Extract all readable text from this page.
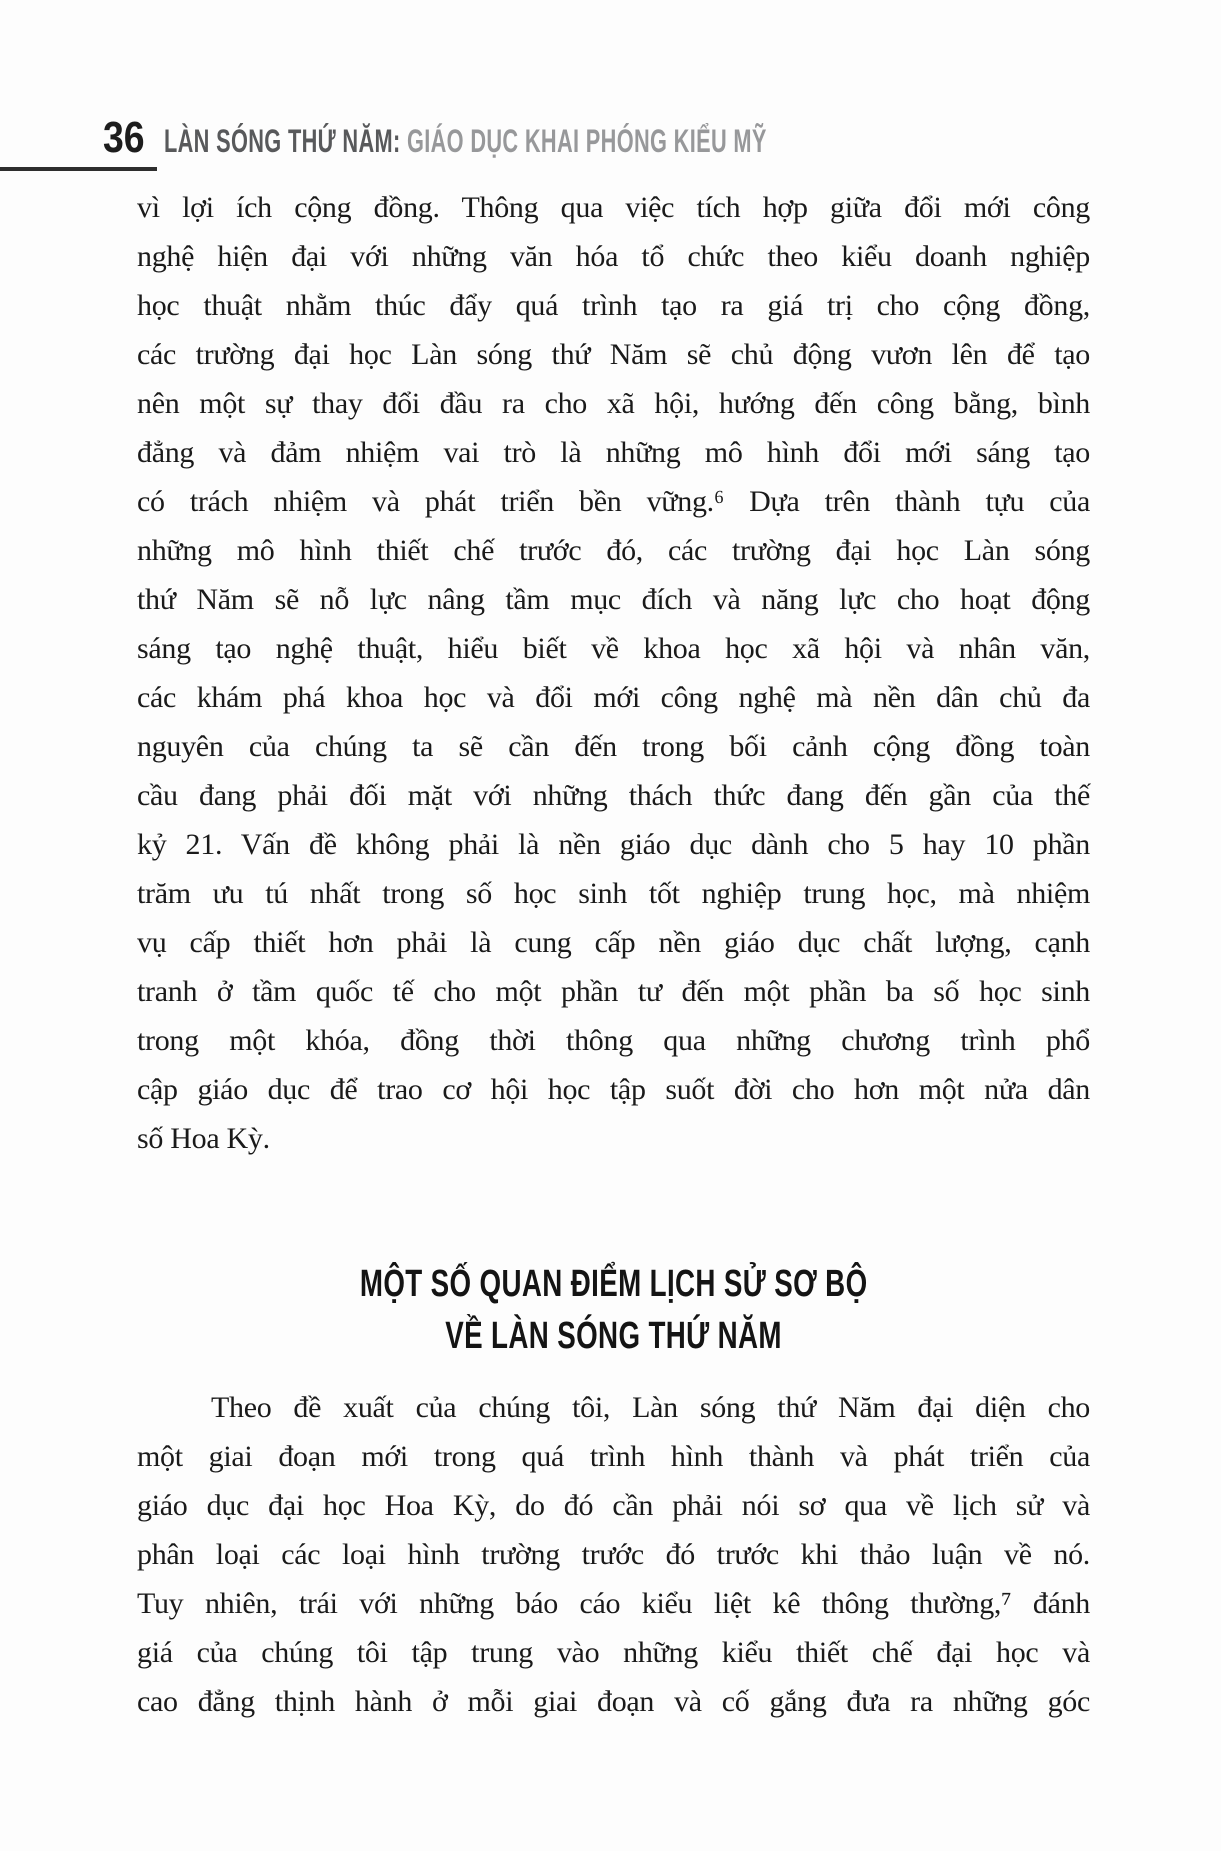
36 LÀN SÓNG THỨ NĂM: GIÁO DỤC KHAI PHÓNG KIỂU MỸ
vì lợi ích cộng đồng. Thông qua việc tích hợp giữa đổi mới công
nghệ hiện đại với những văn hóa tổ chức theo kiểu doanh nghiệp
học thuật nhằm thúc đẩy quá trình tạo ra giá trị cho cộng đồng,
các trường đại học Làn sóng thứ Năm sẽ chủ động vươn lên để tạo
nên một sự thay đổi đầu ra cho xã hội, hướng đến công bằng, bình
đẳng và đảm nhiệm vai trò là những mô hình đổi mới sáng tạo
có trách nhiệm và phát triển bền vững.⁶ Dựa trên thành tựu của
những mô hình thiết chế trước đó, các trường đại học Làn sóng
thứ Năm sẽ nỗ lực nâng tầm mục đích và năng lực cho hoạt động
sáng tạo nghệ thuật, hiểu biết về khoa học xã hội và nhân văn,
các khám phá khoa học và đổi mới công nghệ mà nền dân chủ đa
nguyên của chúng ta sẽ cần đến trong bối cảnh cộng đồng toàn
cầu đang phải đối mặt với những thách thức đang đến gần của thế
kỷ 21. Vấn đề không phải là nền giáo dục dành cho 5 hay 10 phần
trăm ưu tú nhất trong số học sinh tốt nghiệp trung học, mà nhiệm
vụ cấp thiết hơn phải là cung cấp nền giáo dục chất lượng, cạnh
tranh ở tầm quốc tế cho một phần tư đến một phần ba số học sinh
trong một khóa, đồng thời thông qua những chương trình phổ
cập giáo dục để trao cơ hội học tập suốt đời cho hơn một nửa dân
số Hoa Kỳ.
MỘT SỐ QUAN ĐIỂM LỊCH SỬ SƠ BỘ
VỀ LÀN SÓNG THỨ NĂM
Theo đề xuất của chúng tôi, Làn sóng thứ Năm đại diện cho
một giai đoạn mới trong quá trình hình thành và phát triển của
giáo dục đại học Hoa Kỳ, do đó cần phải nói sơ qua về lịch sử và
phân loại các loại hình trường trước đó trước khi thảo luận về nó.
Tuy nhiên, trái với những báo cáo kiểu liệt kê thông thường,⁷ đánh
giá của chúng tôi tập trung vào những kiểu thiết chế đại học và
cao đẳng thịnh hành ở mỗi giai đoạn và cố gắng đưa ra những góc
